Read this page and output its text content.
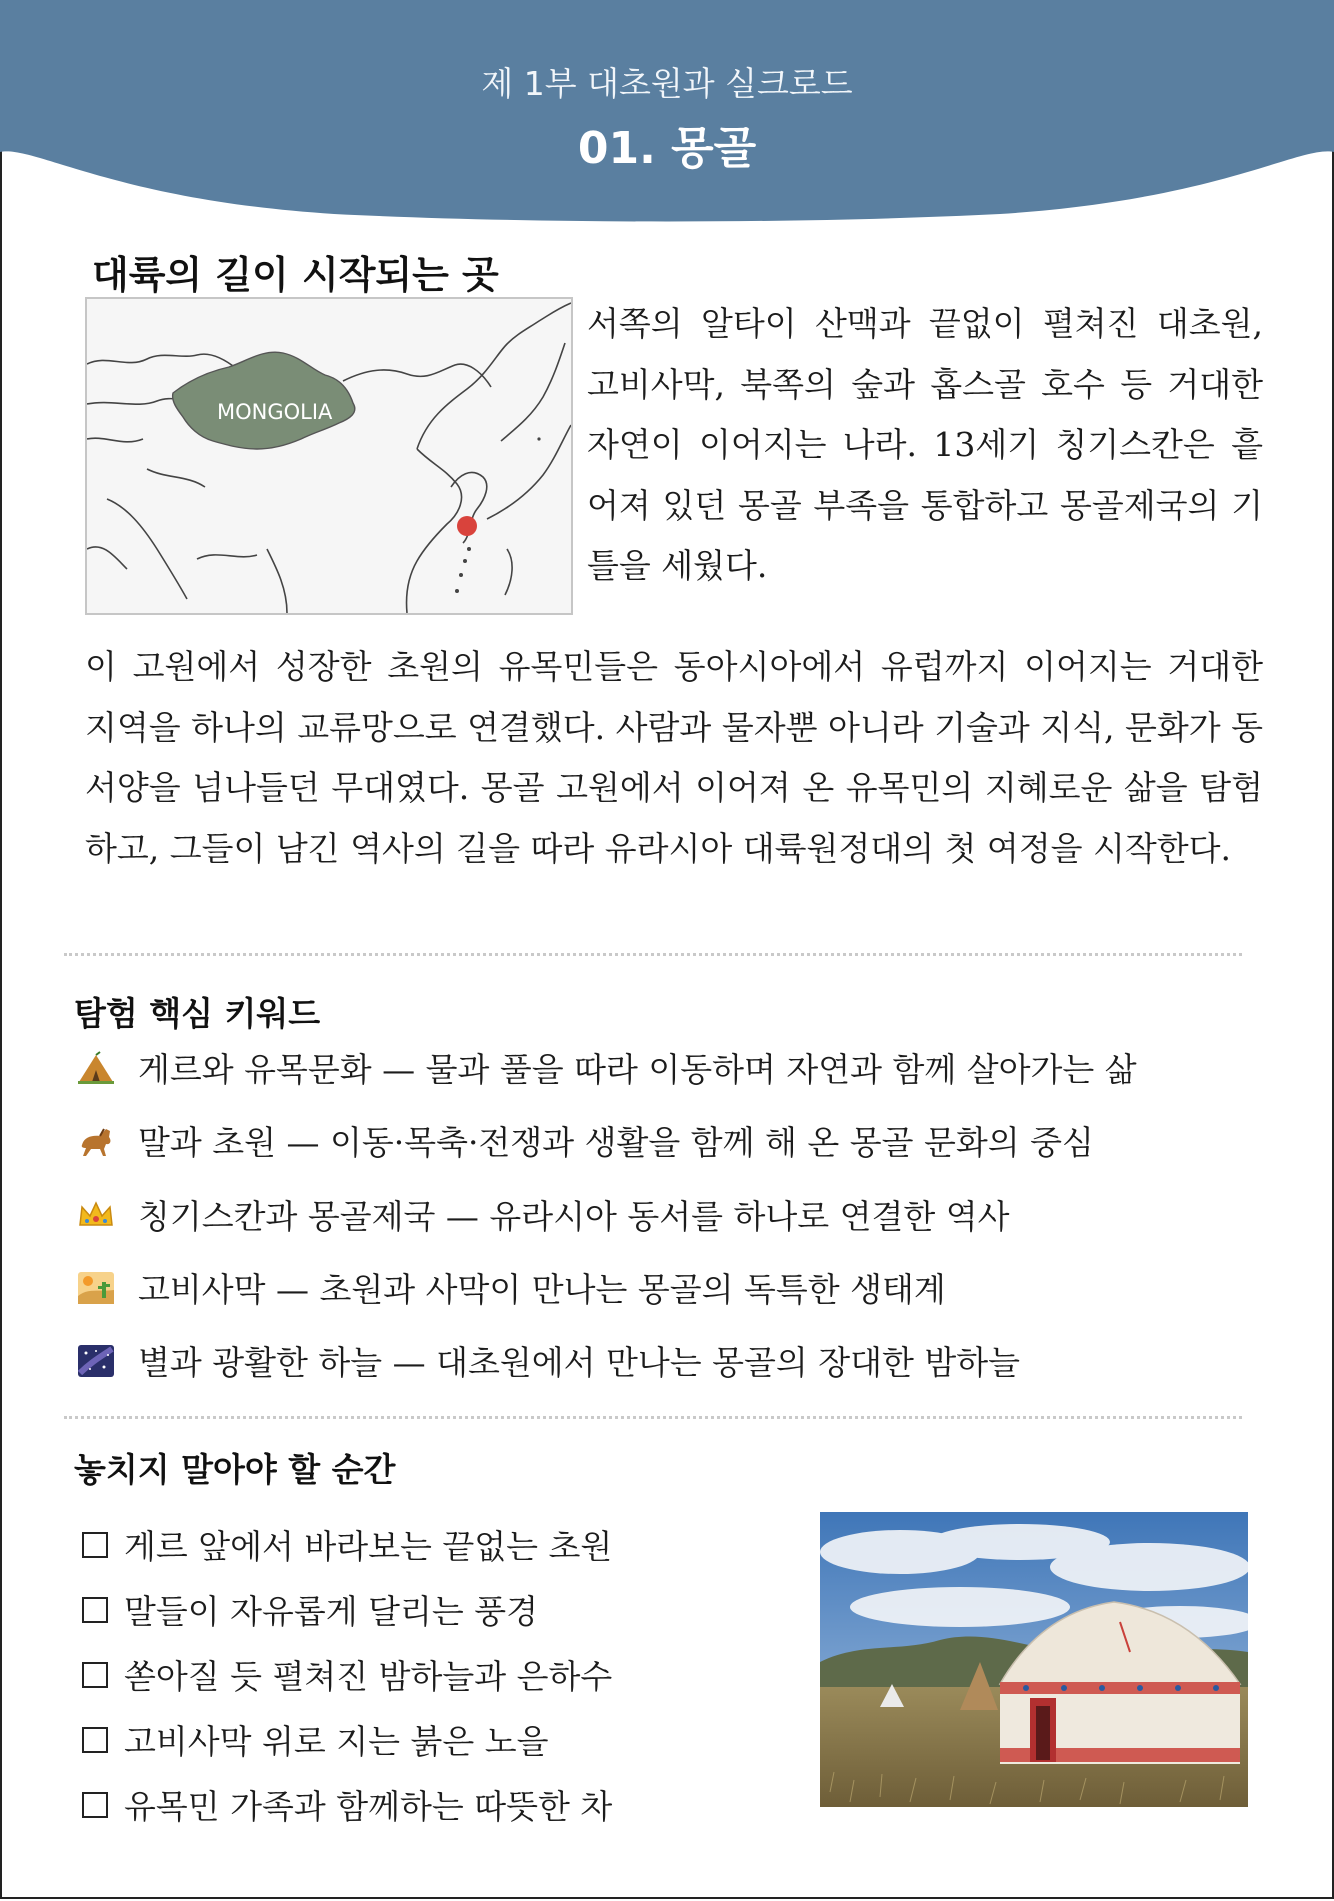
제 1부 대초원과 실크로드
01. 몽골
대륙의 길이 시작되는 곳
MONGOLIA

서쪽의 알타이 산맥과 끝없이 펼쳐진 대초원, 고비사막, 북쪽의 숲과 홉스골 호수 등 거대한 자연이 이어지는 나라. 13세기 칭기스칸은 흩어져 있던 몽골 부족을 통합하고 몽골제국의 기틀을 세웠다.

이 고원에서 성장한 초원의 유목민들은 동아시아에서 유럽까지 이어지는 거대한 지역을 하나의 교류망으로 연결했다. 사람과 물자뿐 아니라 기술과 지식, 문화가 동서양을 넘나들던 무대였다. 몽골 고원에서 이어져 온 유목민의 지혜로운 삶을 탐험하고, 그들이 남긴 역사의 길을 따라 유라시아 대륙원정대의 첫 여정을 시작한다.

탐험 핵심 키워드
게르와 유목문화 — 물과 풀을 따라 이동하며 자연과 함께 살아가는 삶
말과 초원 — 이동·목축·전쟁과 생활을 함께 해 온 몽골 문화의 중심
칭기스칸과 몽골제국 — 유라시아 동서를 하나로 연결한 역사
고비사막 — 초원과 사막이 만나는 몽골의 독특한 생태계
별과 광활한 하늘 — 대초원에서 만나는 몽골의 장대한 밤하늘
놓치지 말아야 할 순간
게르 앞에서 바라보는 끝없는 초원
말들이 자유롭게 달리는 풍경
쏟아질 듯 펼쳐진 밤하늘과 은하수
고비사막 위로 지는 붉은 노을
유목민 가족과 함께하는 따뜻한 차
